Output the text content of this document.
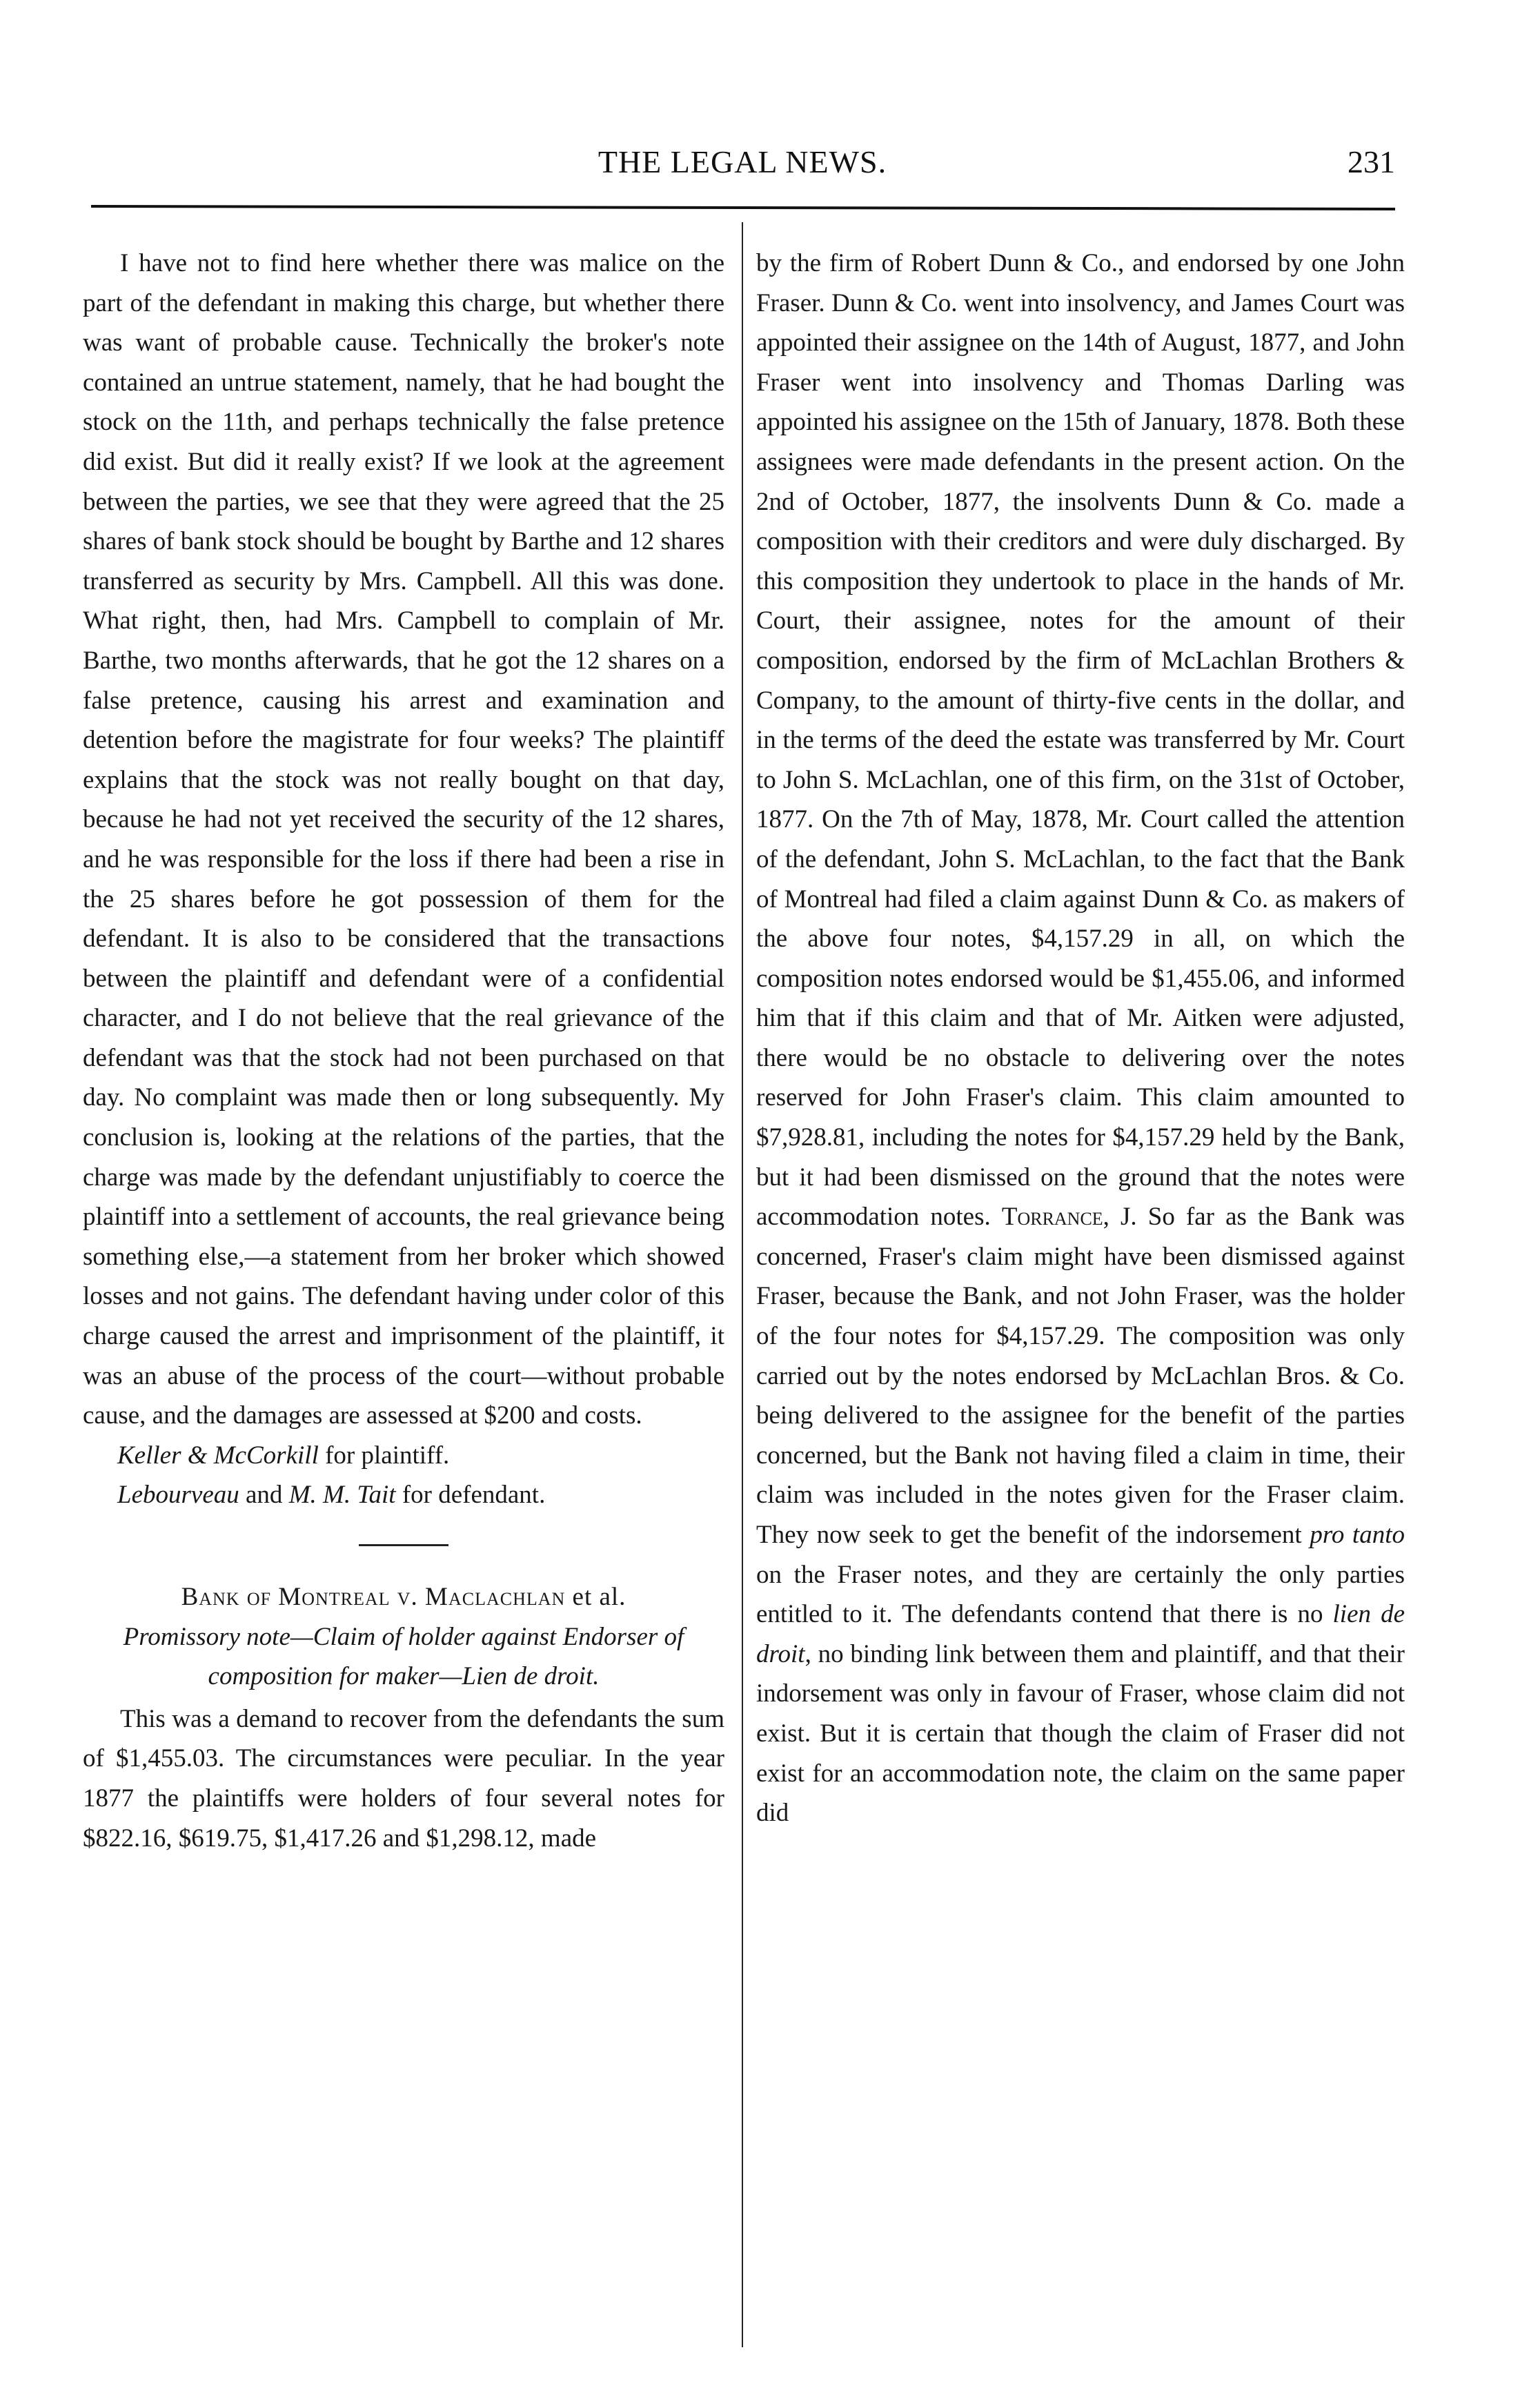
THE LEGAL NEWS.	231

I have not to find here whether there was malice on the part of the defendant in making this charge, but whether there was want of probable cause. Technically the broker's note contained an untrue statement, namely, that he had bought the stock on the 11th, and perhaps technically the false pretence did exist. But did it really exist? If we look at the agreement between the parties, we see that they were agreed that the 25 shares of bank stock should be bought by Barthe and 12 shares transferred as security by Mrs. Campbell. All this was done. What right, then, had Mrs. Campbell to complain of Mr. Barthe, two months afterwards, that he got the 12 shares on a false pretence, causing his arrest and examination and detention before the magistrate for four weeks? The plaintiff explains that the stock was not really bought on that day, because he had not yet received the security of the 12 shares, and he was responsible for the loss if there had been a rise in the 25 shares before he got possession of them for the defendant. It is also to be considered that the transactions between the plaintiff and defendant were of a confidential character, and I do not believe that the real grievance of the defendant was that the stock had not been purchased on that day. No complaint was made then or long subsequently. My conclusion is, looking at the relations of the parties, that the charge was made by the defendant unjustifiably to coerce the plaintiff into a settlement of accounts, the real grievance being something else,—a statement from her broker which showed losses and not gains. The defendant having under color of this charge caused the arrest and imprisonment of the plaintiff, it was an abuse of the process of the court—without probable cause, and the damages are assessed at $200 and costs.

Keller & McCorkill for plaintiff.

Lebourveau and M. M. Tait for defendant.

Bank of Montreal v. Maclachlan et al.

Promissory note—Claim of holder against Endorser of composition for maker—Lien de droit.

This was a demand to recover from the defendants the sum of $1,455.03. The circumstances were peculiar. In the year 1877 the plaintiffs were holders of four several notes for $822.16, $619.75, $1,417.26 and $1,298.12, made

by the firm of Robert Dunn & Co., and endorsed by one John Fraser. Dunn & Co. went into insolvency, and James Court was appointed their assignee on the 14th of August, 1877, and John Fraser went into insolvency and Thomas Darling was appointed his assignee on the 15th of January, 1878. Both these assignees were made defendants in the present action. On the 2nd of October, 1877, the insolvents Dunn & Co. made a composition with their creditors and were duly discharged. By this composition they undertook to place in the hands of Mr. Court, their assignee, notes for the amount of their composition, endorsed by the firm of McLachlan Brothers & Company, to the amount of thirty-five cents in the dollar, and in the terms of the deed the estate was transferred by Mr. Court to John S. McLachlan, one of this firm, on the 31st of October, 1877. On the 7th of May, 1878, Mr. Court called the attention of the defendant, John S. McLachlan, to the fact that the Bank of Montreal had filed a claim against Dunn & Co. as makers of the above four notes, $4,157.29 in all, on which the composition notes endorsed would be $1,455.06, and informed him that if this claim and that of Mr. Aitken were adjusted, there would be no obstacle to delivering over the notes reserved for John Fraser's claim. This claim amounted to $7,928.81, including the notes for $4,157.29 held by the Bank, but it had been dismissed on the ground that the notes were accommodation notes. Torrance, J. So far as the Bank was concerned, Fraser's claim might have been dismissed against Fraser, because the Bank, and not John Fraser, was the holder of the four notes for $4,157.29. The composition was only carried out by the notes endorsed by McLachlan Bros. & Co. being delivered to the assignee for the benefit of the parties concerned, but the Bank not having filed a claim in time, their claim was included in the notes given for the Fraser claim. They now seek to get the benefit of the indorsement pro tanto on the Fraser notes, and they are certainly the only parties entitled to it. The defendants contend that there is no lien de droit, no binding link between them and plaintiff, and that their indorsement was only in favour of Fraser, whose claim did not exist. But it is certain that though the claim of Fraser did not exist for an accommodation note, the claim on the same paper did
